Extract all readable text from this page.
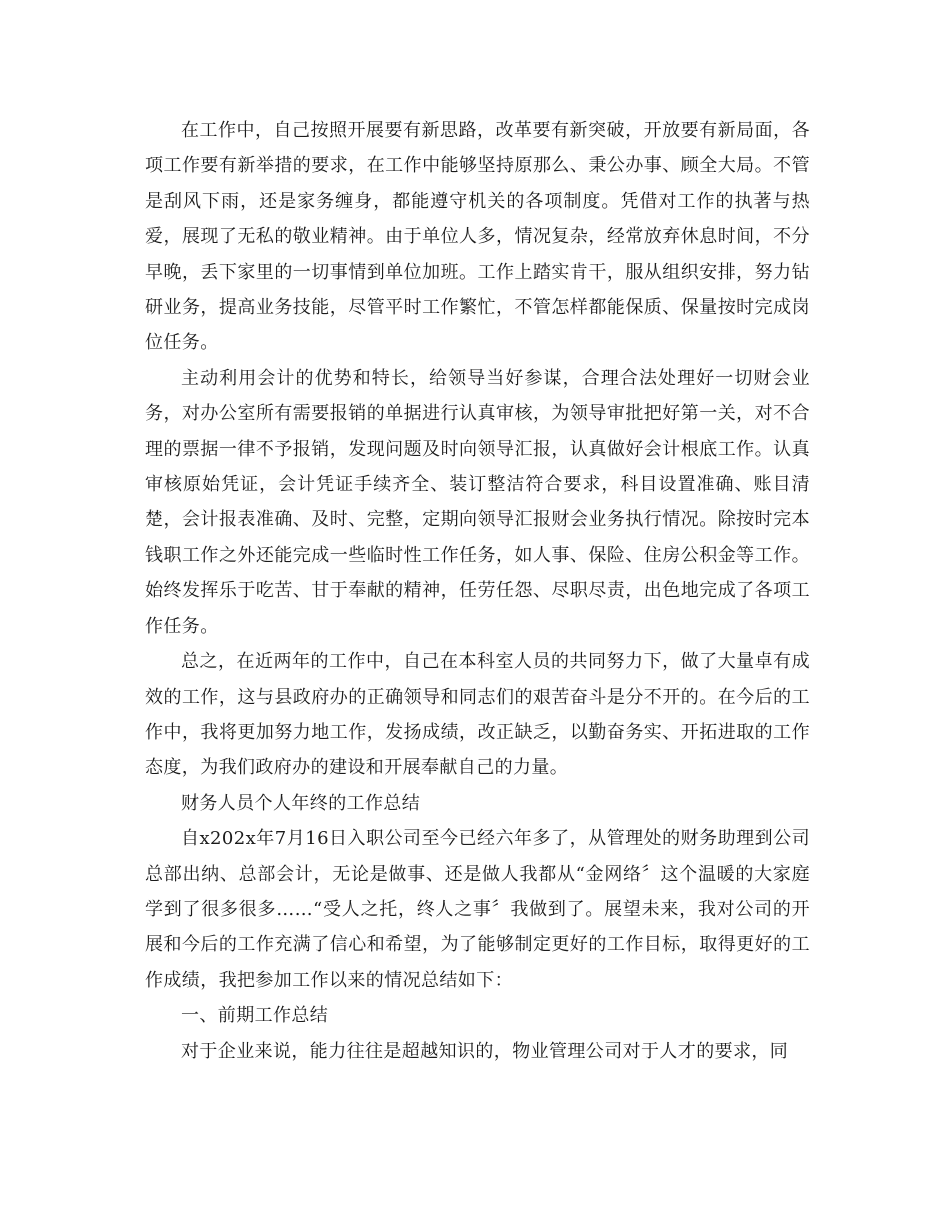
在工作中，自己按照开展要有新思路，改革要有新突破，开放要有新局面，各项工作要有新举措的要求，在工作中能够坚持原那么、秉公办事、顾全大局。不管是刮风下雨，还是家务缠身，都能遵守机关的各项制度。凭借对工作的执著与热爱，展现了无私的敬业精神。由于单位人多，情况复杂，经常放弃休息时间，不分早晚，丢下家里的一切事情到单位加班。工作上踏实肯干，服从组织安排，努力钻研业务，提高业务技能，尽管平时工作繁忙，不管怎样都能保质、保量按时完成岗位任务。

主动利用会计的优势和特长，给领导当好参谋，合理合法处理好一切财会业务，对办公室所有需要报销的单据进行认真审核，为领导审批把好第一关，对不合理的票据一律不予报销，发现问题及时向领导汇报，认真做好会计根底工作。认真审核原始凭证，会计凭证手续齐全、装订整洁符合要求，科目设置准确、账目清楚，会计报表准确、及时、完整，定期向领导汇报财会业务执行情况。除按时完本钱职工作之外还能完成一些临时性工作任务，如人事、保险、住房公积金等工作。始终发挥乐于吃苦、甘于奉献的精神，任劳任怨、尽职尽责，出色地完成了各项工作任务。

总之，在近两年的工作中，自己在本科室人员的共同努力下，做了大量卓有成效的工作，这与县政府办的正确领导和同志们的艰苦奋斗是分不开的。在今后的工作中，我将更加努力地工作，发扬成绩，改正缺乏，以勤奋务实、开拓进取的工作态度，为我们政府办的建设和开展奉献自己的力量。

财务人员个人年终的工作总结

自x202x年7月16日入职公司至今已经六年多了，从管理处的财务助理到公司总部出纳、总部会计，无论是做事、还是做人我都从“金网络〞这个温暖的大家庭学到了很多很多……“受人之托，终人之事〞我做到了。展望未来，我对公司的开展和今后的工作充满了信心和希望，为了能够制定更好的工作目标，取得更好的工作成绩，我把参加工作以来的情况总结如下：

一、前期工作总结

对于企业来说，能力往往是超越知识的，物业管理公司对于人才的要求，同
